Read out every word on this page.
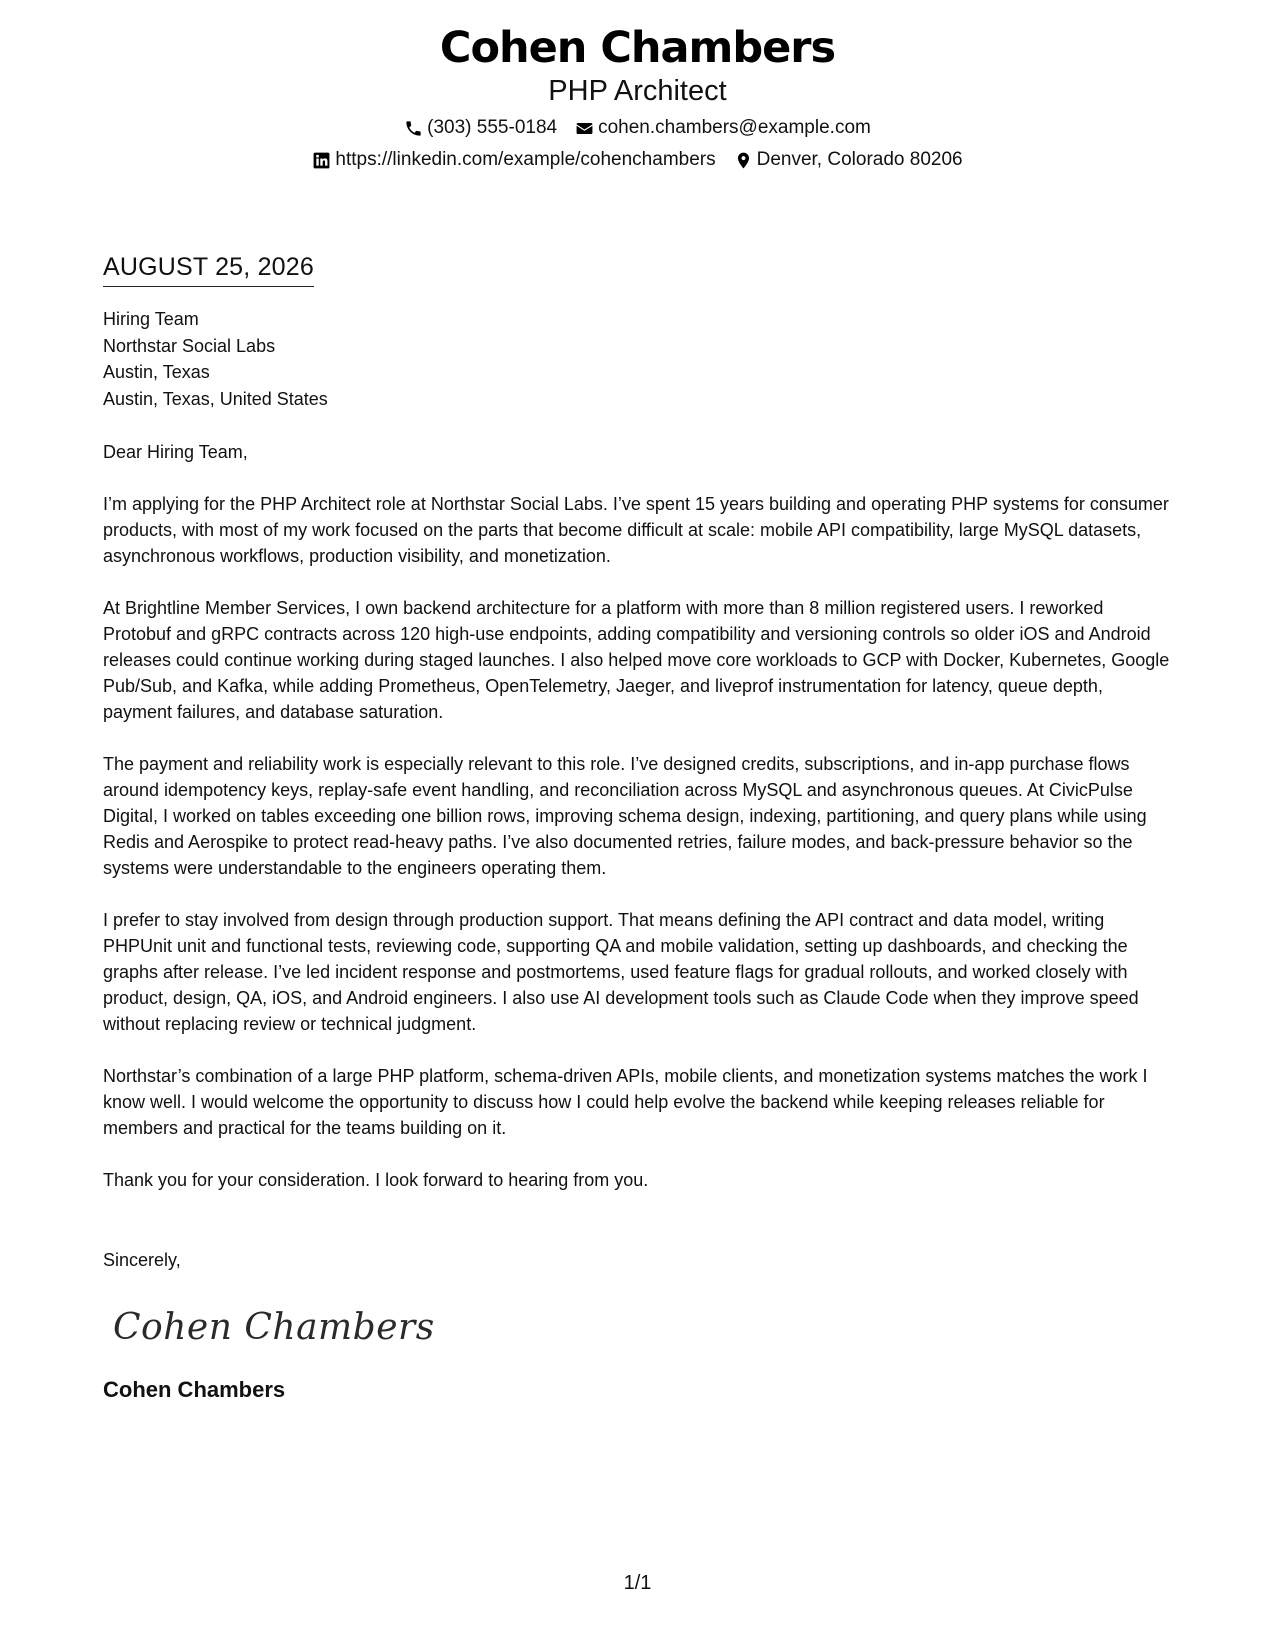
Cohen Chambers
PHP Architect
(303) 555-0184 cohen.chambers@example.com
https://linkedin.com/example/cohenchambers Denver, Colorado 80206
AUGUST 25, 2026
Hiring Team
Northstar Social Labs
Austin, Texas
Austin, Texas, United States
Dear Hiring Team,
I’m applying for the PHP Architect role at Northstar Social Labs. I’ve spent 15 years building and operating PHP systems for consumer products, with most of my work focused on the parts that become difficult at scale: mobile API compatibility, large MySQL datasets, asynchronous workflows, production visibility, and monetization.
At Brightline Member Services, I own backend architecture for a platform with more than 8 million registered users. I reworked Protobuf and gRPC contracts across 120 high-use endpoints, adding compatibility and versioning controls so older iOS and Android releases could continue working during staged launches. I also helped move core workloads to GCP with Docker, Kubernetes, Google Pub/Sub, and Kafka, while adding Prometheus, OpenTelemetry, Jaeger, and liveprof instrumentation for latency, queue depth, payment failures, and database saturation.
The payment and reliability work is especially relevant to this role. I’ve designed credits, subscriptions, and in-app purchase flows around idempotency keys, replay-safe event handling, and reconciliation across MySQL and asynchronous queues. At CivicPulse Digital, I worked on tables exceeding one billion rows, improving schema design, indexing, partitioning, and query plans while using Redis and Aerospike to protect read-heavy paths. I’ve also documented retries, failure modes, and back-pressure behavior so the systems were understandable to the engineers operating them.
I prefer to stay involved from design through production support. That means defining the API contract and data model, writing PHPUnit unit and functional tests, reviewing code, supporting QA and mobile validation, setting up dashboards, and checking the graphs after release. I’ve led incident response and postmortems, used feature flags for gradual rollouts, and worked closely with product, design, QA, iOS, and Android engineers. I also use AI development tools such as Claude Code when they improve speed without replacing review or technical judgment.
Northstar’s combination of a large PHP platform, schema-driven APIs, mobile clients, and monetization systems matches the work I know well. I would welcome the opportunity to discuss how I could help evolve the backend while keeping releases reliable for members and practical for the teams building on it.
Thank you for your consideration. I look forward to hearing from you.
Sincerely,
Cohen Chambers
Cohen Chambers
1/1
